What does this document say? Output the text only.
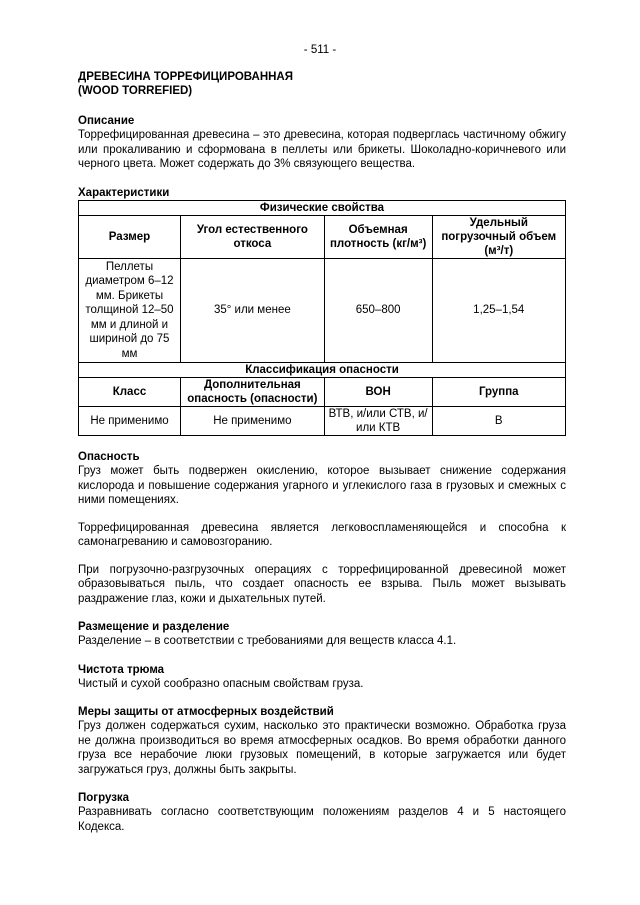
- 511 -

ДРЕВЕСИНА ТОРРЕФИЦИРОВАННАЯ

(WOOD TORREFIED)

Описание

Торрефицированная древесина – это древесина, которая подверглась частичному обжигу или прокаливанию и сформована в пеллеты или брикеты. Шоколадно-коричневого или черного цвета. Может содержать до 3% связующего вещества.

Характеристики

Физические свойства			
Размер	Угол естественного откоса	Объемная плотность (кг/м³)	Удельный погрузочный объем (м³/т)
Пеллеты диаметром 6–12 мм. Брикеты толщиной 12–50 мм и длиной и шириной до 75 мм	35° или менее	650–800	1,25–1,54
Классификация опасности			
Класс	Дополнительная опасность (опасности)	ВОН	Группа
Не применимо	Не применимо	ВТВ, и/или СТВ, и/или КТВ	В

Опасность

Груз может быть подвержен окислению, которое вызывает снижение содержания кислорода и повышение содержания угарного и углекислого газа в грузовых и смежных с ними помещениях.

Торрефицированная древесина является легковоспламеняющейся и способна к самонагреванию и самовозгоранию.

При погрузочно-разгрузочных операциях с торрефицированной древесиной может образовываться пыль, что создает опасность ее взрыва. Пыль может вызывать раздражение глаз, кожи и дыхательных путей.

Размещение и разделение

Разделение – в соответствии с требованиями для веществ класса 4.1.

Чистота трюма

Чистый и сухой сообразно опасным свойствам груза.

Меры защиты от атмосферных воздействий

Груз должен содержаться сухим, насколько это практически возможно. Обработка груза не должна производиться во время атмосферных осадков. Во время обработки данного груза все нерабочие люки грузовых помещений, в которые загружается или будет загружаться груз, должны быть закрыты.

Погрузка

Разравнивать согласно соответствующим положениям разделов 4 и 5 настоящего Кодекса.
